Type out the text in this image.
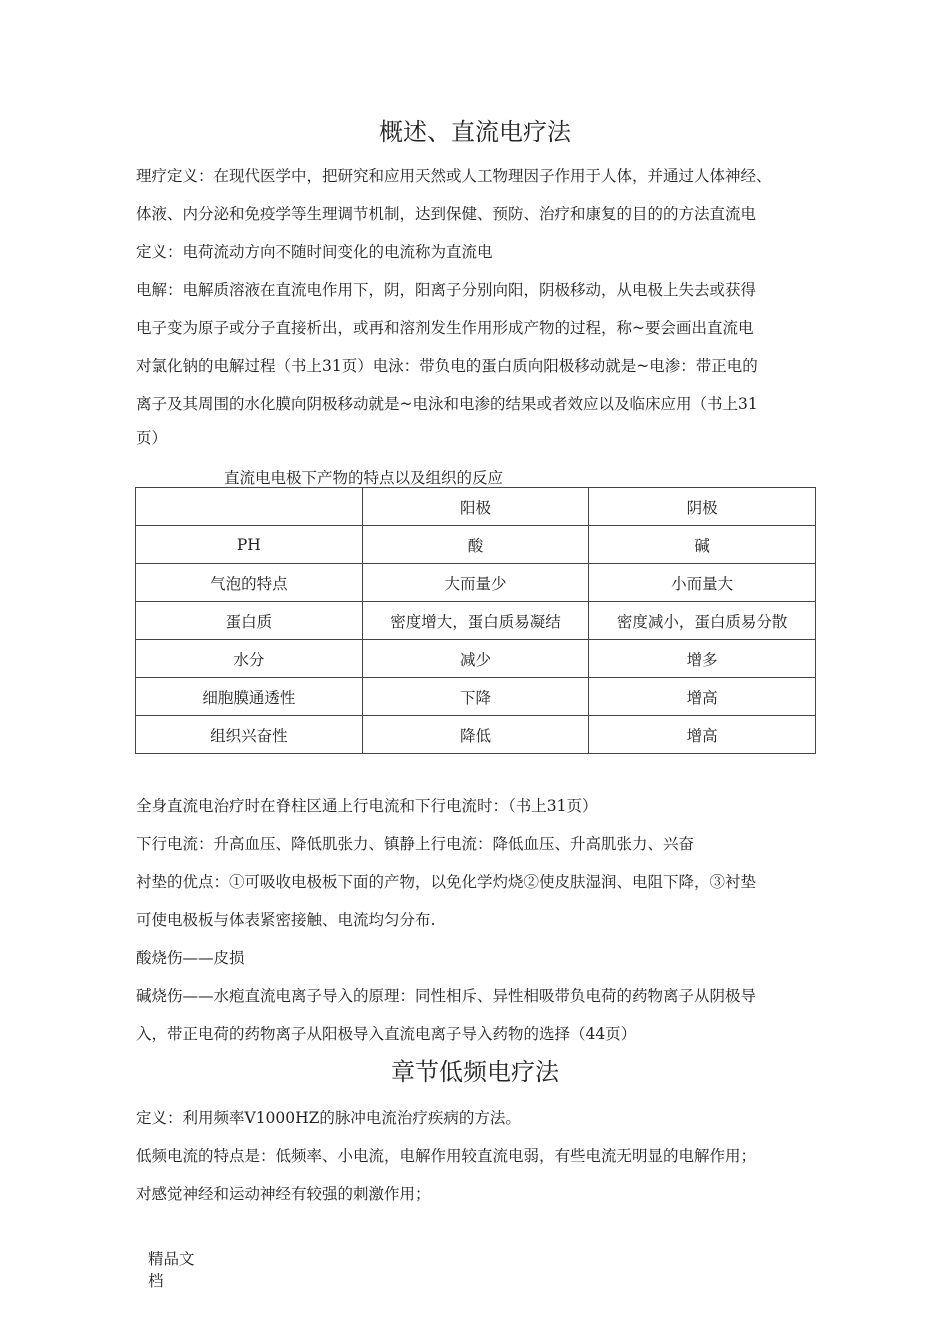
概述、直流电疗法
理疗定义：在现代医学中，把研究和应用天然或人工物理因子作用于人体，并通过人体神经、
体液、内分泌和免疫学等生理调节机制，达到保健、预防、治疗和康复的目的的方法直流电
定义：电荷流动方向不随时间变化的电流称为直流电
电解：电解质溶液在直流电作用下，阴，阳离子分别向阳，阴极移动，从电极上失去或获得
电子变为原子或分子直接析出，或再和溶剂发生作用形成产物的过程，称~要会画出直流电
对氯化钠的电解过程（书上31页）电泳：带负电的蛋白质向阳极移动就是~电渗：带正电的
离子及其周围的水化膜向阴极移动就是~电泳和电渗的结果或者效应以及临床应用（书上31
页）
直流电电极下产物的特点以及组织的反应
	阳极	阴极
PH	酸	碱
气泡的特点	大而量少	小而量大
蛋白质	密度增大，蛋白质易凝结	密度减小，蛋白质易分散
水分	减少	增多
细胞膜通透性	下降	增高
组织兴奋性	降低	增高
全身直流电治疗时在脊柱区通上行电流和下行电流时：（书上31页）
下行电流：升高血压、降低肌张力、镇静上行电流：降低血压、升高肌张力、兴奋
衬垫的优点：①可吸收电极板下面的产物，以免化学灼烧②使皮肤湿润、电阻下降，③衬垫
可使电极板与体表紧密接触、电流均匀分布.
酸烧伤——皮损
碱烧伤——水疱直流电离子导入的原理：同性相斥、异性相吸带负电荷的药物离子从阴极导
入，带正电荷的药物离子从阳极导入直流电离子导入药物的选择（44页）
章节低频电疗法
定义：利用频率V1000HZ的脉冲电流治疗疾病的方法。
低频电流的特点是：低频率、小电流，电解作用较直流电弱，有些电流无明显的电解作用；
对感觉神经和运动神经有较强的刺激作用；
精品文
档
